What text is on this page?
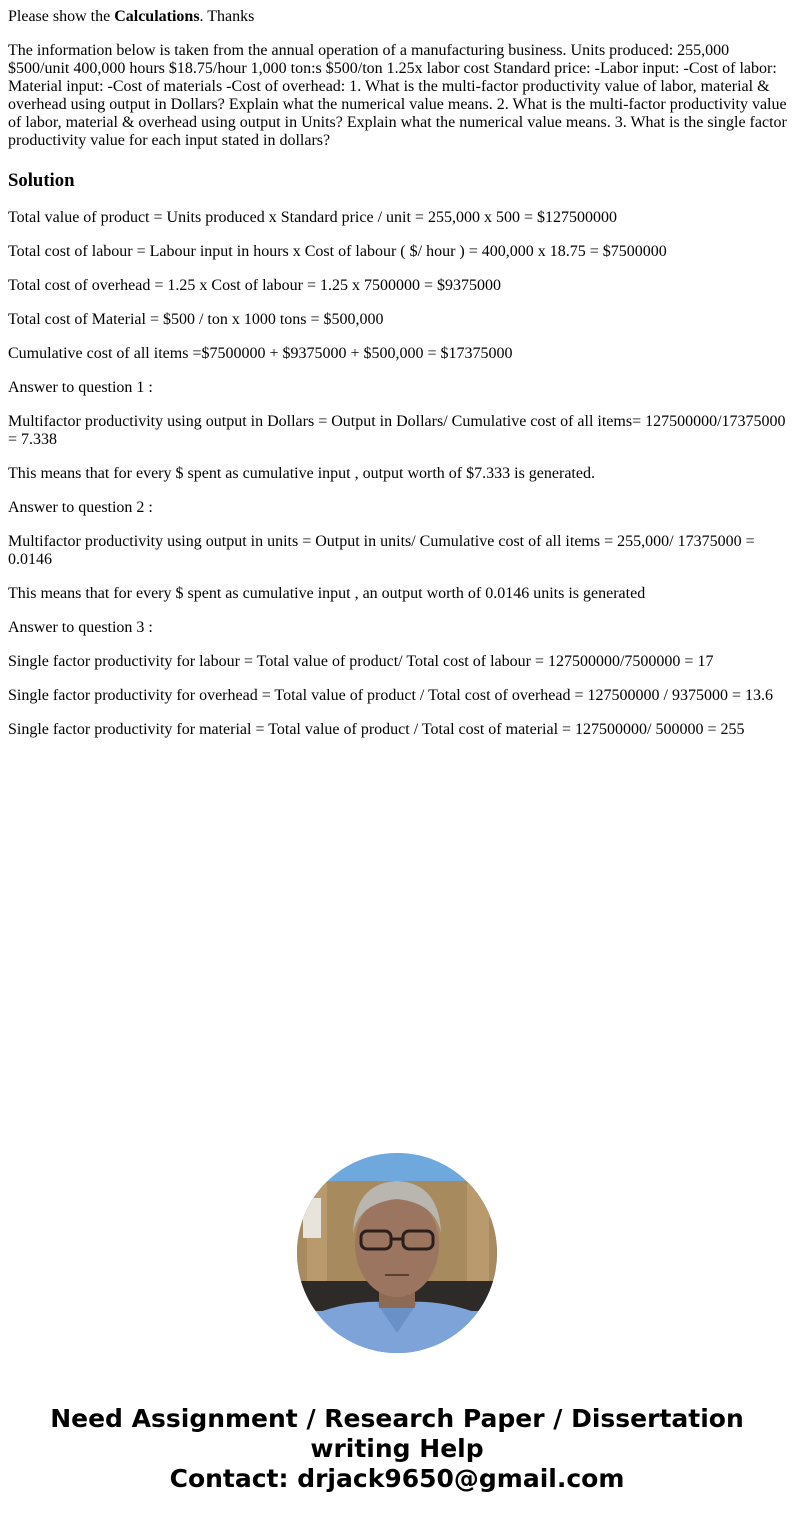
Please show the Calculations. Thanks

The information below is taken from the annual operation of a manufacturing business. Units produced: 255,000 $500/unit 400,000 hours $18.75/hour 1,000 ton:s $500/ton 1.25x labor cost Standard price: -Labor input: -Cost of labor: Material input: -Cost of materials -Cost of overhead: 1. What is the multi-factor productivity value of labor, material & overhead using output in Dollars? Explain what the numerical value means. 2. What is the multi-factor productivity value of labor, material & overhead using output in Units? Explain what the numerical value means. 3. What is the single factor productivity value for each input stated in dollars?

Solution

Total value of product = Units produced x Standard price / unit = 255,000 x 500 = $127500000

Total cost of labour = Labour input in hours x Cost of labour ( $/ hour ) = 400,000 x 18.75 = $7500000

Total cost of overhead = 1.25 x Cost of labour = 1.25 x 7500000 = $9375000

Total cost of Material = $500 / ton x 1000 tons = $500,000

Cumulative cost of all items =$7500000 + $9375000 + $500,000 = $17375000

Answer to question 1 :

Multifactor productivity using output in Dollars = Output in Dollars/ Cumulative cost of all items= 127500000/17375000 = 7.338

This means that for every $ spent as cumulative input , output worth of $7.333 is generated.

Answer to question 2 :

Multifactor productivity using output in units = Output in units/ Cumulative cost of all items = 255,000/ 17375000 = 0.0146

This means that for every $ spent as cumulative input , an output worth of 0.0146 units is generated

Answer to question 3 :

Single factor productivity for labour = Total value of product/ Total cost of labour = 127500000/7500000 = 17

Single factor productivity for overhead = Total value of product / Total cost of overhead = 127500000 / 9375000 = 13.6

Single factor productivity for material = Total value of product / Total cost of material = 127500000/ 500000 = 255

Need Assignment / Research Paper / Dissertation
writing Help
Contact: drjack9650@gmail.com
